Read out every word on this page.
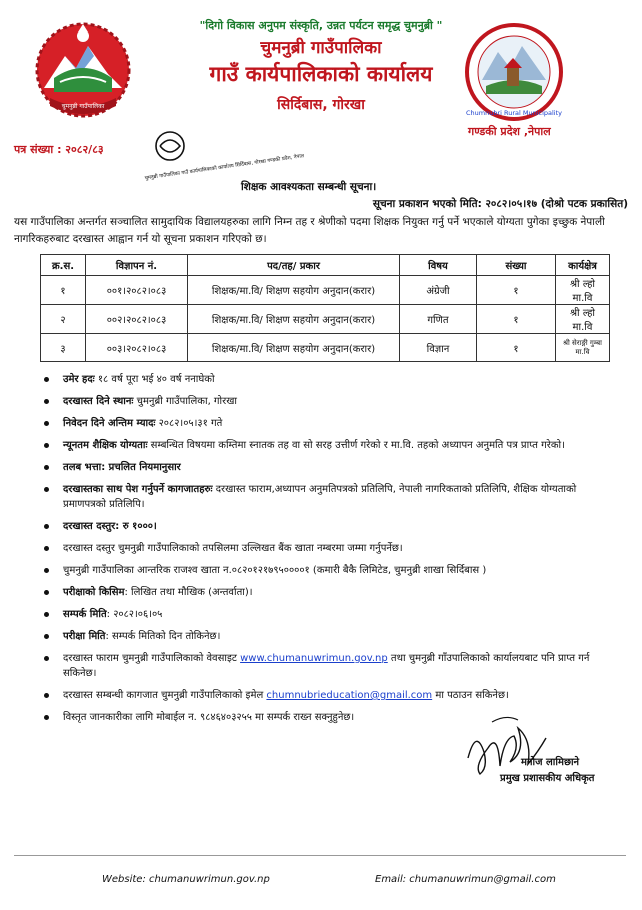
चुमनुब्री गाउँपालिका
Chumnubri Rural Municipality
"दिगो विकास अनुपम संस्कृति, उन्नत पर्यटन समृद्ध चुमनुब्री "
चुमनुब्री गाउँपालिका
गाउँ कार्यपालिकाको कार्यालय
सिर्दिबास, गोरखा
गण्डकी प्रदेश ,नेपाल
पत्र संख्या : २०८२/८३
चुमनुब्री गाउँपालिका गाउँ कार्यपालिकाको कार्यालय सिर्दिबास, गोरखा गण्डकी प्रदेश, नेपाल
शिक्षक आवश्यकता सम्बन्धी सूचना।
सूचना प्रकाशन भएको मिति: २०८२।०५।१७ (दोश्रो पटक प्रकासित)
यस गाउँपालिका अन्तर्गत सञ्चालित सामुदायिक विद्यालयहरुका लागि निम्न तह र श्रेणीको पदमा शिक्षक नियुक्त गर्नु पर्ने भएकाले योग्यता पुगेका इच्छुक नेपाली नागरिकहरुबाट दरखास्त आह्वान गर्न यो सूचना प्रकाशन गरिएको छ।
क्र.स.	विज्ञापन नं.	पद/तह/ प्रकार	विषय	संख्या	कार्यक्षेत्र
१	००१।२०८२।०८३	शिक्षक/मा.वि/ शिक्षण सहयोग अनुदान(करार)	अंग्रेजी	१	श्री ल्हो मा.वि
२	००२।२०८२।०८३	शिक्षक/मा.वि/ शिक्षण सहयोग अनुदान(करार)	गणित	१	श्री ल्हो मा.वि
३	००३।२०८२।०८३	शिक्षक/मा.वि/ शिक्षण सहयोग अनुदान(करार)	विज्ञान	१	श्री सेराङ्गी गुम्बा मा.वि
उमेर हदः १८ वर्ष पूरा भई ४० वर्ष ननाघेको
दरखास्त दिने स्थानः चुमनुब्री गाउँपालिका, गोरखा
निवेदन दिने अन्तिम म्यादः २०८२।०५।३१ गते
न्यूनतम शैक्षिक योग्यताः सम्बन्धित विषयमा कम्तिमा स्नातक तह वा सो सरह उत्तीर्ण गरेको र मा.वि. तहको अध्यापन अनुमति पत्र प्राप्त गरेको।
तलब भत्ता: प्रचलित नियमानुसार
दरखास्तका साथ पेश गर्नुपर्ने कागजातहरुः दरखास्त फाराम,अध्यापन अनुमतिपत्रको प्रतिलिपि, नेपाली नागरिकताको प्रतिलिपि, शैक्षिक योग्यताको प्रमाणपत्रको प्रतिलिपि।
दरखास्त दस्तुर: रु १०००।
दरखास्त दस्तुर चुमनुब्री गाउँपालिकाको तपसिलमा उल्लिखत बैंक खाता नम्बरमा जम्मा गर्नुपर्नेछ।
चुमनुब्री गाउँपालिका आन्तरिक राजश्व खाता न.०८२०१२१७९५००००१ (कमारी बैकै लिमिटेड, चुमनुब्री शाखा सिर्दिबास )
परीक्षाको किसिम: लिखित तथा मौखिक (अन्तर्वाता)।
सम्पर्क मिति: २०८२।०६।०५
परीक्षा मिति: सम्पर्क मितिको दिन तोकिनेछ।
दरखास्त फाराम चुमनुब्री गाउँपालिकाको वेवसाइट www.chumanuwrimun.gov.np तथा चुमनुब्री गाँउपालिकाको कार्यालयबाट पनि प्राप्त गर्न सकिनेछ।
दरखास्त सम्बन्धी कागजात चुमनुब्री गाउँपालिकाको इमेल chumnubrieducation@gmail.com मा पठाउन सकिनेछ।
विस्तृत जानकारीका लागि मोबाईल न. ९८४६४०३२५५ मा सम्पर्क राख्न सक्नुहुनेछ।
मनोज लामिछाने
प्रमुख प्रशासकीय अधिकृत
Website: chumanuwrimun.gov.np	Email: chumanuwrimun@gmail.com
